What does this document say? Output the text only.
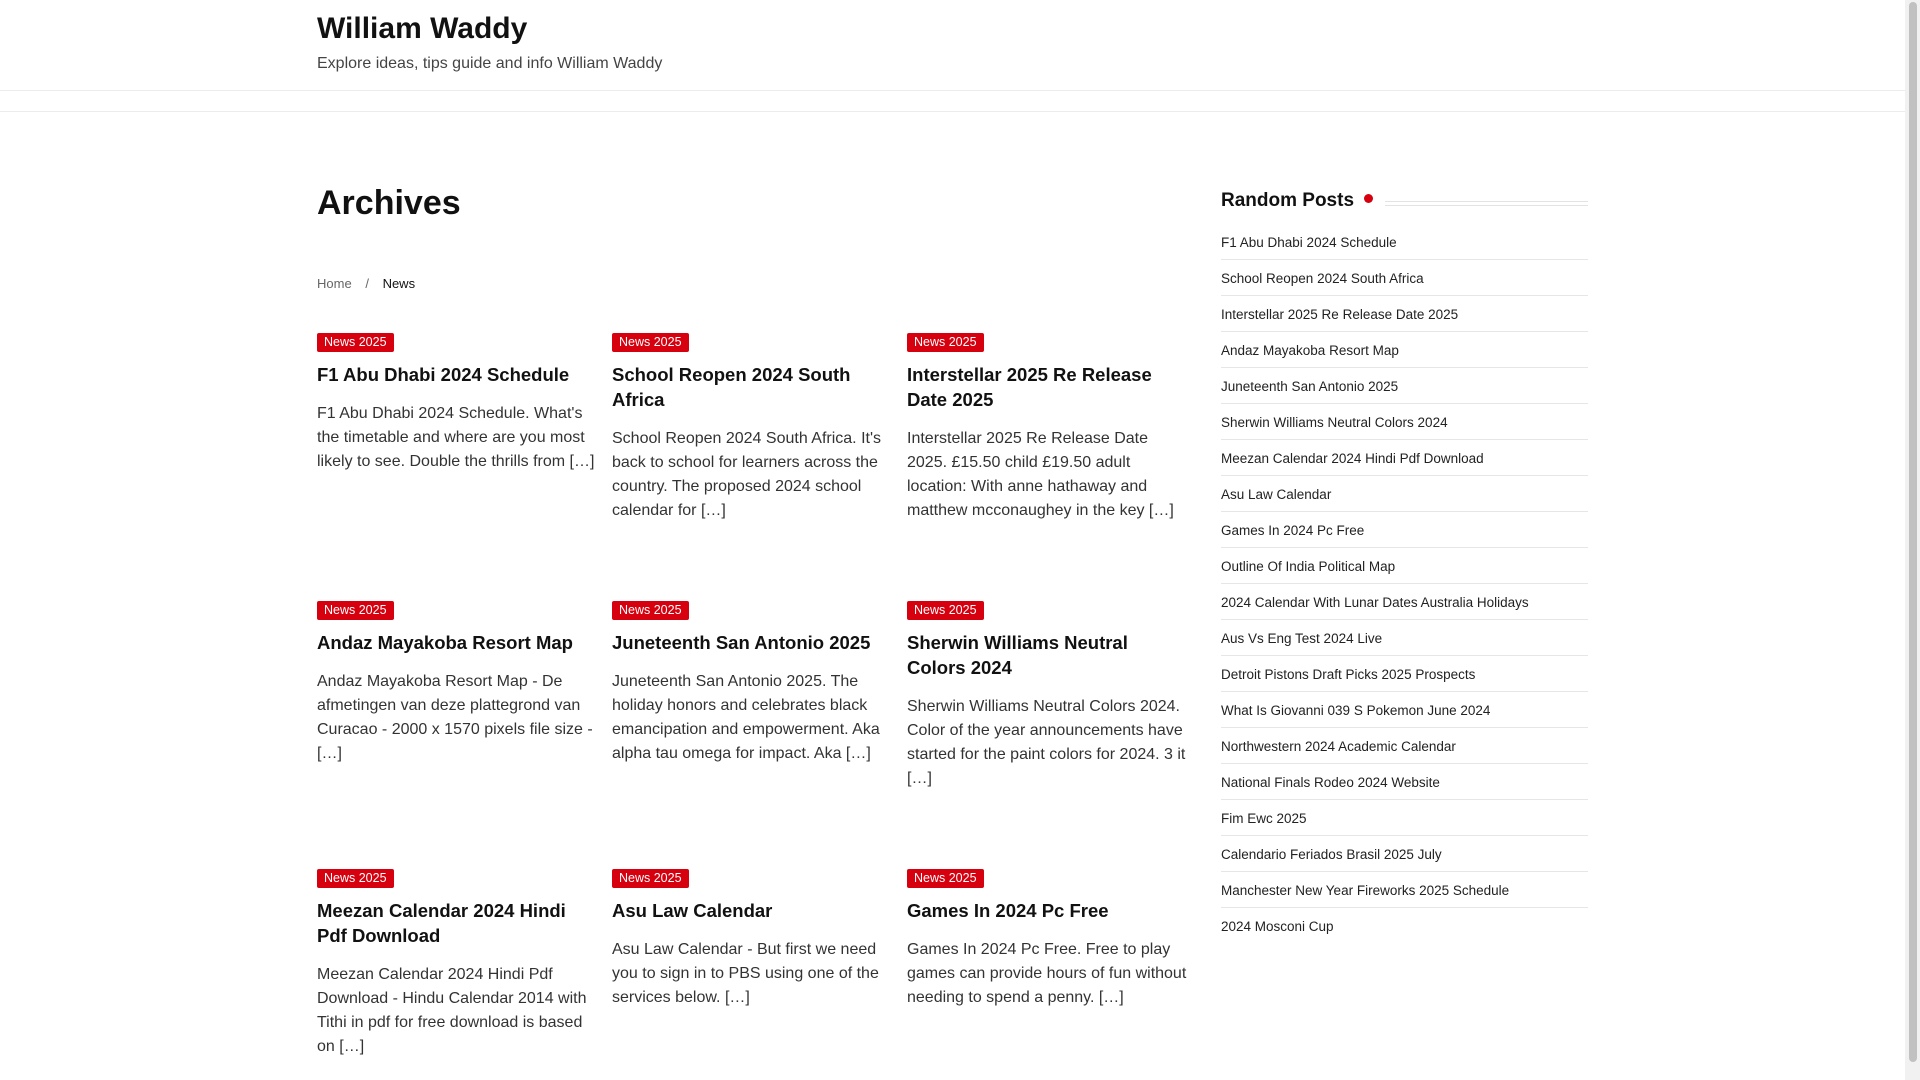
William Waddy
Explore ideas, tips guide and info William Waddy
Archives
Home / News
News 2025
F1 Abu Dhabi 2024 Schedule
F1 Abu Dhabi 2024 Schedule. What's the timetable and where are you most likely to see. Double the thrills from […]
News 2025
School Reopen 2024 South Africa
School Reopen 2024 South Africa. It's back to school for learners across the country. The proposed 2024 school calendar for […]
News 2025
Interstellar 2025 Re Release Date 2025
Interstellar 2025 Re Release Date 2025. £15.50 child £19.50 adult location: With anne hathaway and matthew mcconaughey in the key […]
News 2025
Andaz Mayakoba Resort Map
Andaz Mayakoba Resort Map - De afmetingen van deze plattegrond van Curacao - 2000 x 1570 pixels file size - […]
News 2025
Juneteenth San Antonio 2025
Juneteenth San Antonio 2025. The holiday honors and celebrates black emancipation and empowerment. Aka alpha tau omega for impact. Aka […]
News 2025
Sherwin Williams Neutral Colors 2024
Sherwin Williams Neutral Colors 2024. Color of the year announcements have started for the paint colors for 2024. 3 it […]
News 2025
Meezan Calendar 2024 Hindi Pdf Download
Meezan Calendar 2024 Hindi Pdf Download - Hindu Calendar 2014 with Tithi in pdf for free download is based on […]
News 2025
Asu Law Calendar
Asu Law Calendar - But first we need you to sign in to PBS using one of the services below. […]
News 2025
Games In 2024 Pc Free
Games In 2024 Pc Free. Free to play games can provide hours of fun without needing to spend a penny. […]
Random Posts
F1 Abu Dhabi 2024 Schedule
School Reopen 2024 South Africa
Interstellar 2025 Re Release Date 2025
Andaz Mayakoba Resort Map
Juneteenth San Antonio 2025
Sherwin Williams Neutral Colors 2024
Meezan Calendar 2024 Hindi Pdf Download
Asu Law Calendar
Games In 2024 Pc Free
Outline Of India Political Map
2024 Calendar With Lunar Dates Australia Holidays
Aus Vs Eng Test 2024 Live
Detroit Pistons Draft Picks 2025 Prospects
What Is Giovanni 039 S Pokemon June 2024
Northwestern 2024 Academic Calendar
National Finals Rodeo 2024 Website
Fim Ewc 2025
Calendario Feriados Brasil 2025 July
Manchester New Year Fireworks 2025 Schedule
2024 Mosconi Cup
